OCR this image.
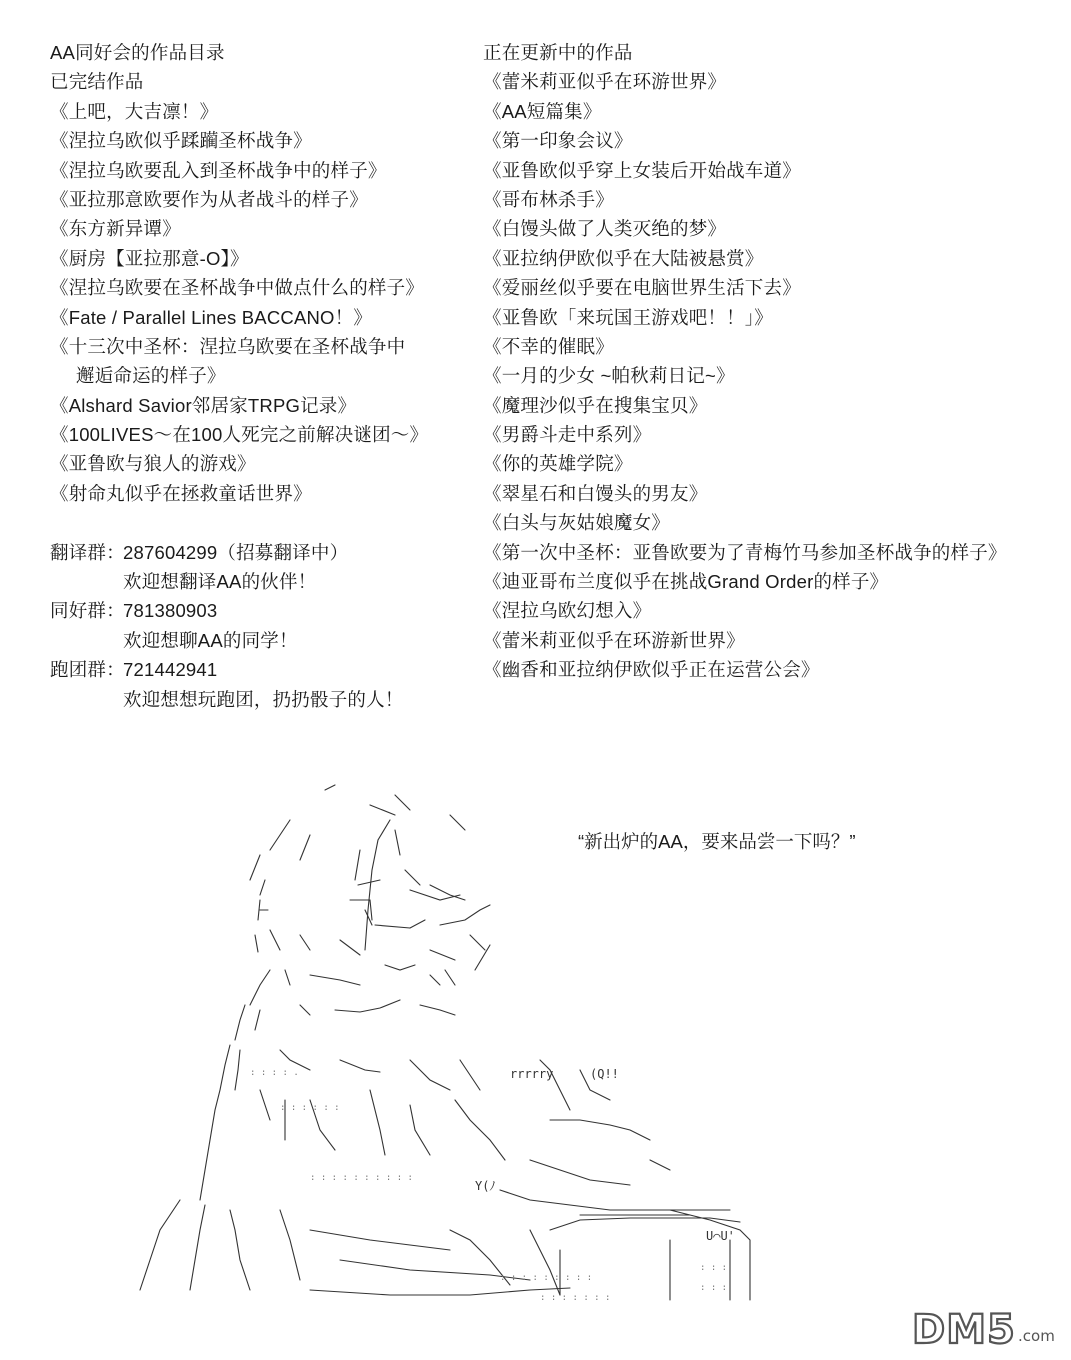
AA同好会的作品目录
已完结作品
《上吧，大吉凛！》
《涅拉乌欧似乎蹂躏圣杯战争》
《涅拉乌欧要乱入到圣杯战争中的样子》
《亚拉那意欧要作为从者战斗的样子》
《东方新异谭》
《厨房【亚拉那意-O】》
《涅拉乌欧要在圣杯战争中做点什么的样子》
《Fate / Parallel Lines BACCANO！》
《十三次中圣杯：涅拉乌欧要在圣杯战争中
邂逅命运的样子》
《Alshard Savior邻居家TRPG记录》
《100LIVES～在100人死完之前解决谜团～》
《亚鲁欧与狼人的游戏》
《射命丸似乎在拯救童话世界》
翻译群：
287604299（招募翻译中）
欢迎想翻译AA的伙伴！
同好群：
781380903
欢迎想聊AA的同学！
跑团群：
721442941
欢迎想想玩跑团，扔扔骰子的人！
正在更新中的作品
《蕾米莉亚似乎在环游世界》
《AA短篇集》
《第一印象会议》
《亚鲁欧似乎穿上女装后开始战车道》
《哥布林杀手》
《白馒头做了人类灭绝的梦》
《亚拉纳伊欧似乎在大陆被悬赏》
《爱丽丝似乎要在电脑世界生活下去》
《亚鲁欧「来玩国王游戏吧！！」》
《不幸的催眠》
《一月的少女 ~帕秋莉日记~》
《魔理沙似乎在搜集宝贝》
《男爵斗走中系列》
《你的英雄学院》
《翠星石和白馒头的男友》
《白头与灰姑娘魔女》
《第一次中圣杯：亚鲁欧要为了青梅竹马参加圣杯战争的样子》
《迪亚哥布兰度似乎在挑战Grand Order的样子》
《涅拉乌欧幻想入》
《蕾米莉亚似乎在环游新世界》
《幽香和亚拉纳伊欧似乎正在运营公会》
“新出炉的AA，要来品尝一下吗？”
rrrrry	(Q!!
Y(ﾉ
U⌒U'
: : : : .
: : : : : :
: : : : : : : : : :
: : : : : : : : :
: : : : : : :
: : :
: : :
DM5 .com
